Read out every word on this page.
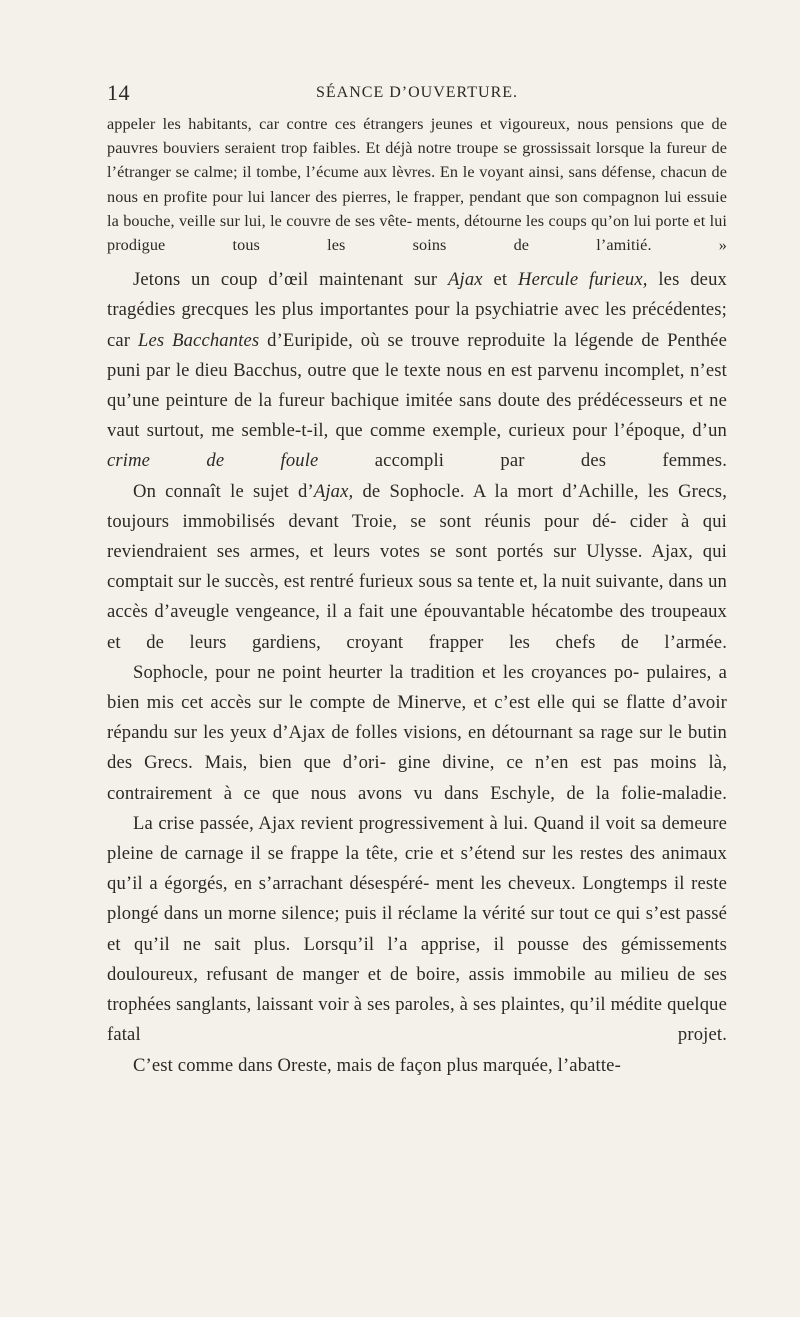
14	SÉANCE D’OUVERTURE.

appeler les habitants, car contre ces étrangers jeunes et vigoureux, nous pensions que de pauvres bouviers seraient trop faibles. Et déjà notre troupe se grossissait lorsque la fureur de l’étranger se calme; il tombe, l’écume aux lèvres. En le voyant ainsi, sans défense, chacun de nous en profite pour lui lancer des pierres, le frapper, pendant que son compagnon lui essuie la bouche, veille sur lui, le couvre de ses vête- ments, détourne les coups qu’on lui porte et lui prodigue tous les soins de l’amitié. »

Jetons un coup d’œil maintenant sur Ajax et Hercule furieux, les deux tragédies grecques les plus importantes pour la psychiatrie avec les précédentes; car Les Bacchantes d’Euripide, où se trouve reproduite la légende de Penthée puni par le dieu Bacchus, outre que le texte nous en est parvenu incomplet, n’est qu’une peinture de la fureur bachique imitée sans doute des prédécesseurs et ne vaut surtout, me semble-t-il, que comme exemple, curieux pour l’époque, d’un crime de foule accompli par des femmes.

On connaît le sujet d’Ajax, de Sophocle. A la mort d’Achille, les Grecs, toujours immobilisés devant Troie, se sont réunis pour dé- cider à qui reviendraient ses armes, et leurs votes se sont portés sur Ulysse. Ajax, qui comptait sur le succès, est rentré furieux sous sa tente et, la nuit suivante, dans un accès d’aveugle vengeance, il a fait une épouvantable hécatombe des troupeaux et de leurs gardiens, croyant frapper les chefs de l’armée.

Sophocle, pour ne point heurter la tradition et les croyances po- pulaires, a bien mis cet accès sur le compte de Minerve, et c’est elle qui se flatte d’avoir répandu sur les yeux d’Ajax de folles visions, en détournant sa rage sur le butin des Grecs. Mais, bien que d’ori- gine divine, ce n’en est pas moins là, contrairement à ce que nous avons vu dans Eschyle, de la folie-maladie.

La crise passée, Ajax revient progressivement à lui. Quand il voit sa demeure pleine de carnage il se frappe la tête, crie et s’étend sur les restes des animaux qu’il a égorgés, en s’arrachant désespéré- ment les cheveux. Longtemps il reste plongé dans un morne silence; puis il réclame la vérité sur tout ce qui s’est passé et qu’il ne sait plus. Lorsqu’il l’a apprise, il pousse des gémissements douloureux, refusant de manger et de boire, assis immobile au milieu de ses trophées sanglants, laissant voir à ses paroles, à ses plaintes, qu’il médite quelque fatal projet.

C’est comme dans Oreste, mais de façon plus marquée, l’abatte-
